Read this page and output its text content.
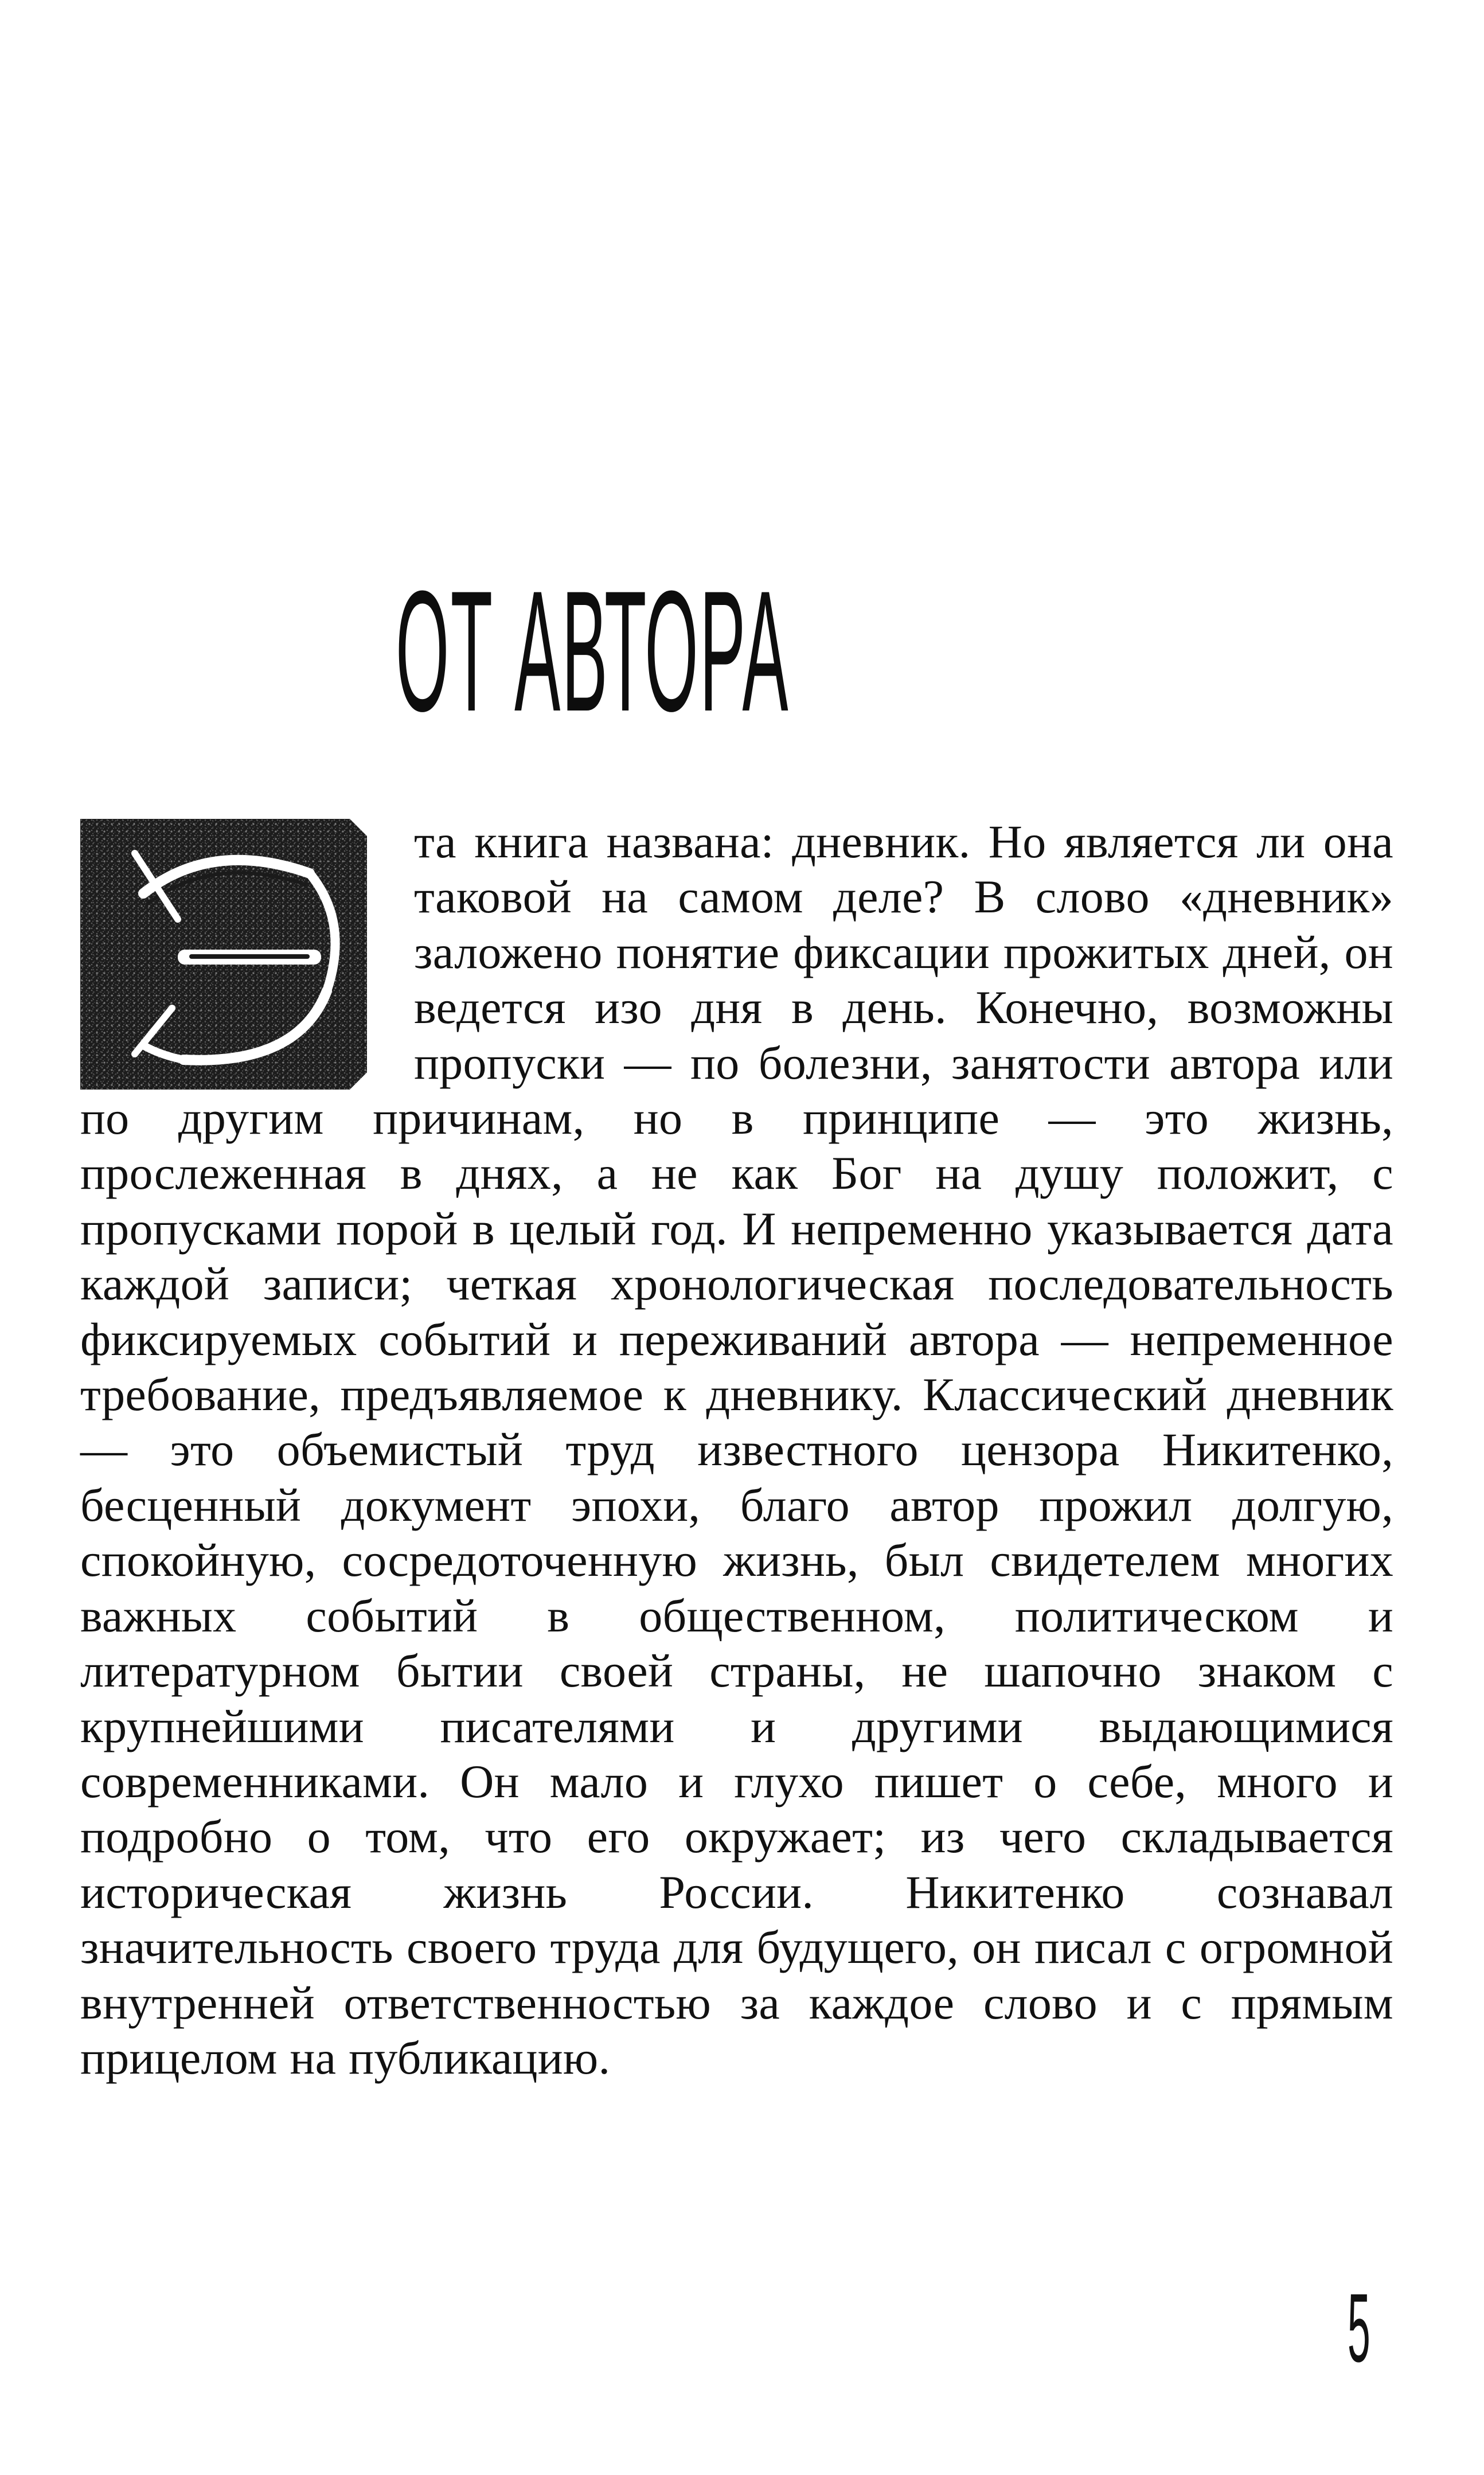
ОТ АВТОРА

та книга названа: дневник. Но является ли она таковой на самом деле? В слово «дневник» заложено понятие фиксации прожитых дней, он ведется изо дня в день. Конечно, возможны пропуски — по болезни, занятости автора или по другим причинам, но в принципе — это жизнь, прослеженная в днях, а не как Бог на душу положит, с пропусками порой в целый год. И непременно указывается дата каждой записи; четкая хронологическая последовательность фиксируемых событий и переживаний автора — непременное требование, предъявляемое к дневнику. Классический дневник — это объемистый труд известного цензора Никитенко, бесценный документ эпохи, благо автор прожил долгую, спокойную, сосредоточенную жизнь, был свидетелем многих важных событий в общественном, политическом и литературном бытии своей страны, не шапочно знаком с крупнейшими писателями и другими выдающимися современниками. Он мало и глухо пишет о себе, много и подробно о том, что его окружает; из чего складывается историческая жизнь России. Никитенко сознавал значительность своего труда для будущего, он писал с огромной внутренней ответственностью за каждое слово и с прямым прицелом на публикацию.

5
